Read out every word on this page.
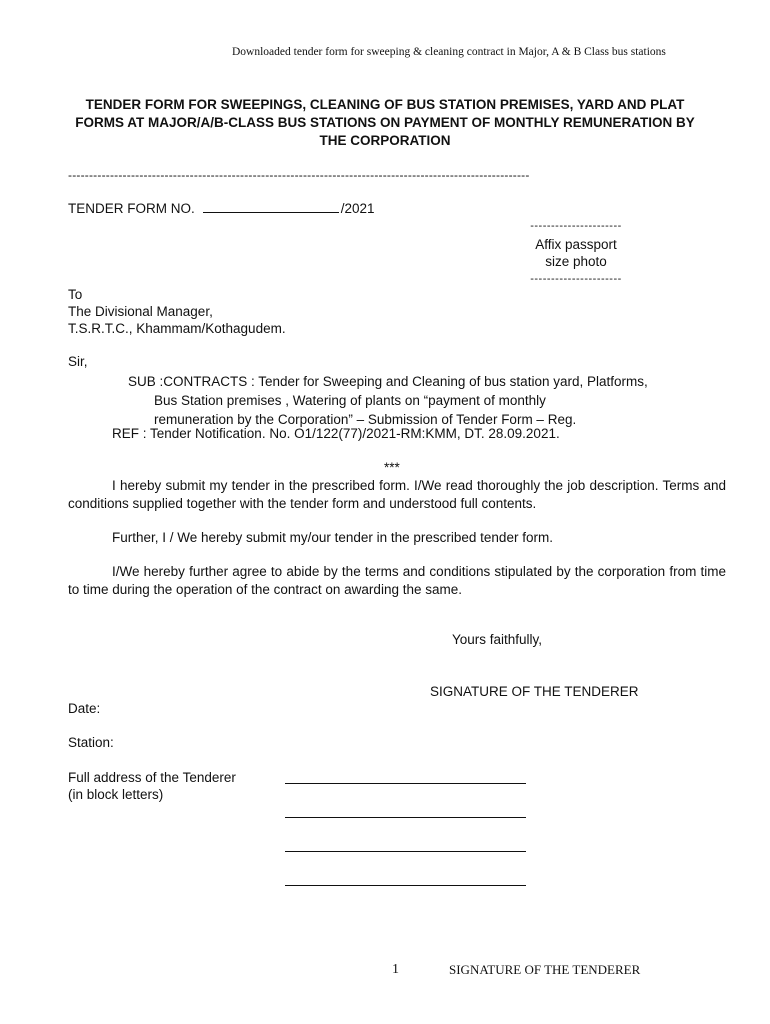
Downloaded tender form for sweeping & cleaning contract in Major, A & B Class bus stations
TENDER FORM FOR SWEEPINGS, CLEANING OF BUS STATION PREMISES, YARD AND PLAT
FORMS AT MAJOR/A/B-CLASS BUS STATIONS ON PAYMENT OF MONTHLY REMUNERATION BY
THE CORPORATION
--------------------------------------------------------------------------------------------------------------
TENDER FORM NO.	/2021
----------------------
Affix passport
size photo
----------------------
To
The Divisional Manager,
T.S.R.T.C., Khammam/Kothagudem.
Sir,
SUB :CONTRACTS : Tender for Sweeping and Cleaning of bus station yard, Platforms,
Bus Station premises , Watering of plants on “payment of monthly
remuneration by the Corporation” – Submission of Tender Form – Reg.
REF : Tender Notification. No. O1/122(77)/2021-RM:KMM, DT. 28.09.2021.
***
I hereby submit my tender in the prescribed form. I/We read thoroughly the job description. Terms and conditions supplied together with the tender form and understood full contents.
Further, I / We hereby submit my/our tender in the prescribed tender form.
I/We hereby further agree to abide by the terms and conditions stipulated by the corporation from time to time during the operation of the contract on awarding the same.
Yours faithfully,
SIGNATURE OF THE TENDERER
Date:
Station:
Full address of the Tenderer
(in block letters)
1	SIGNATURE OF THE TENDERER
